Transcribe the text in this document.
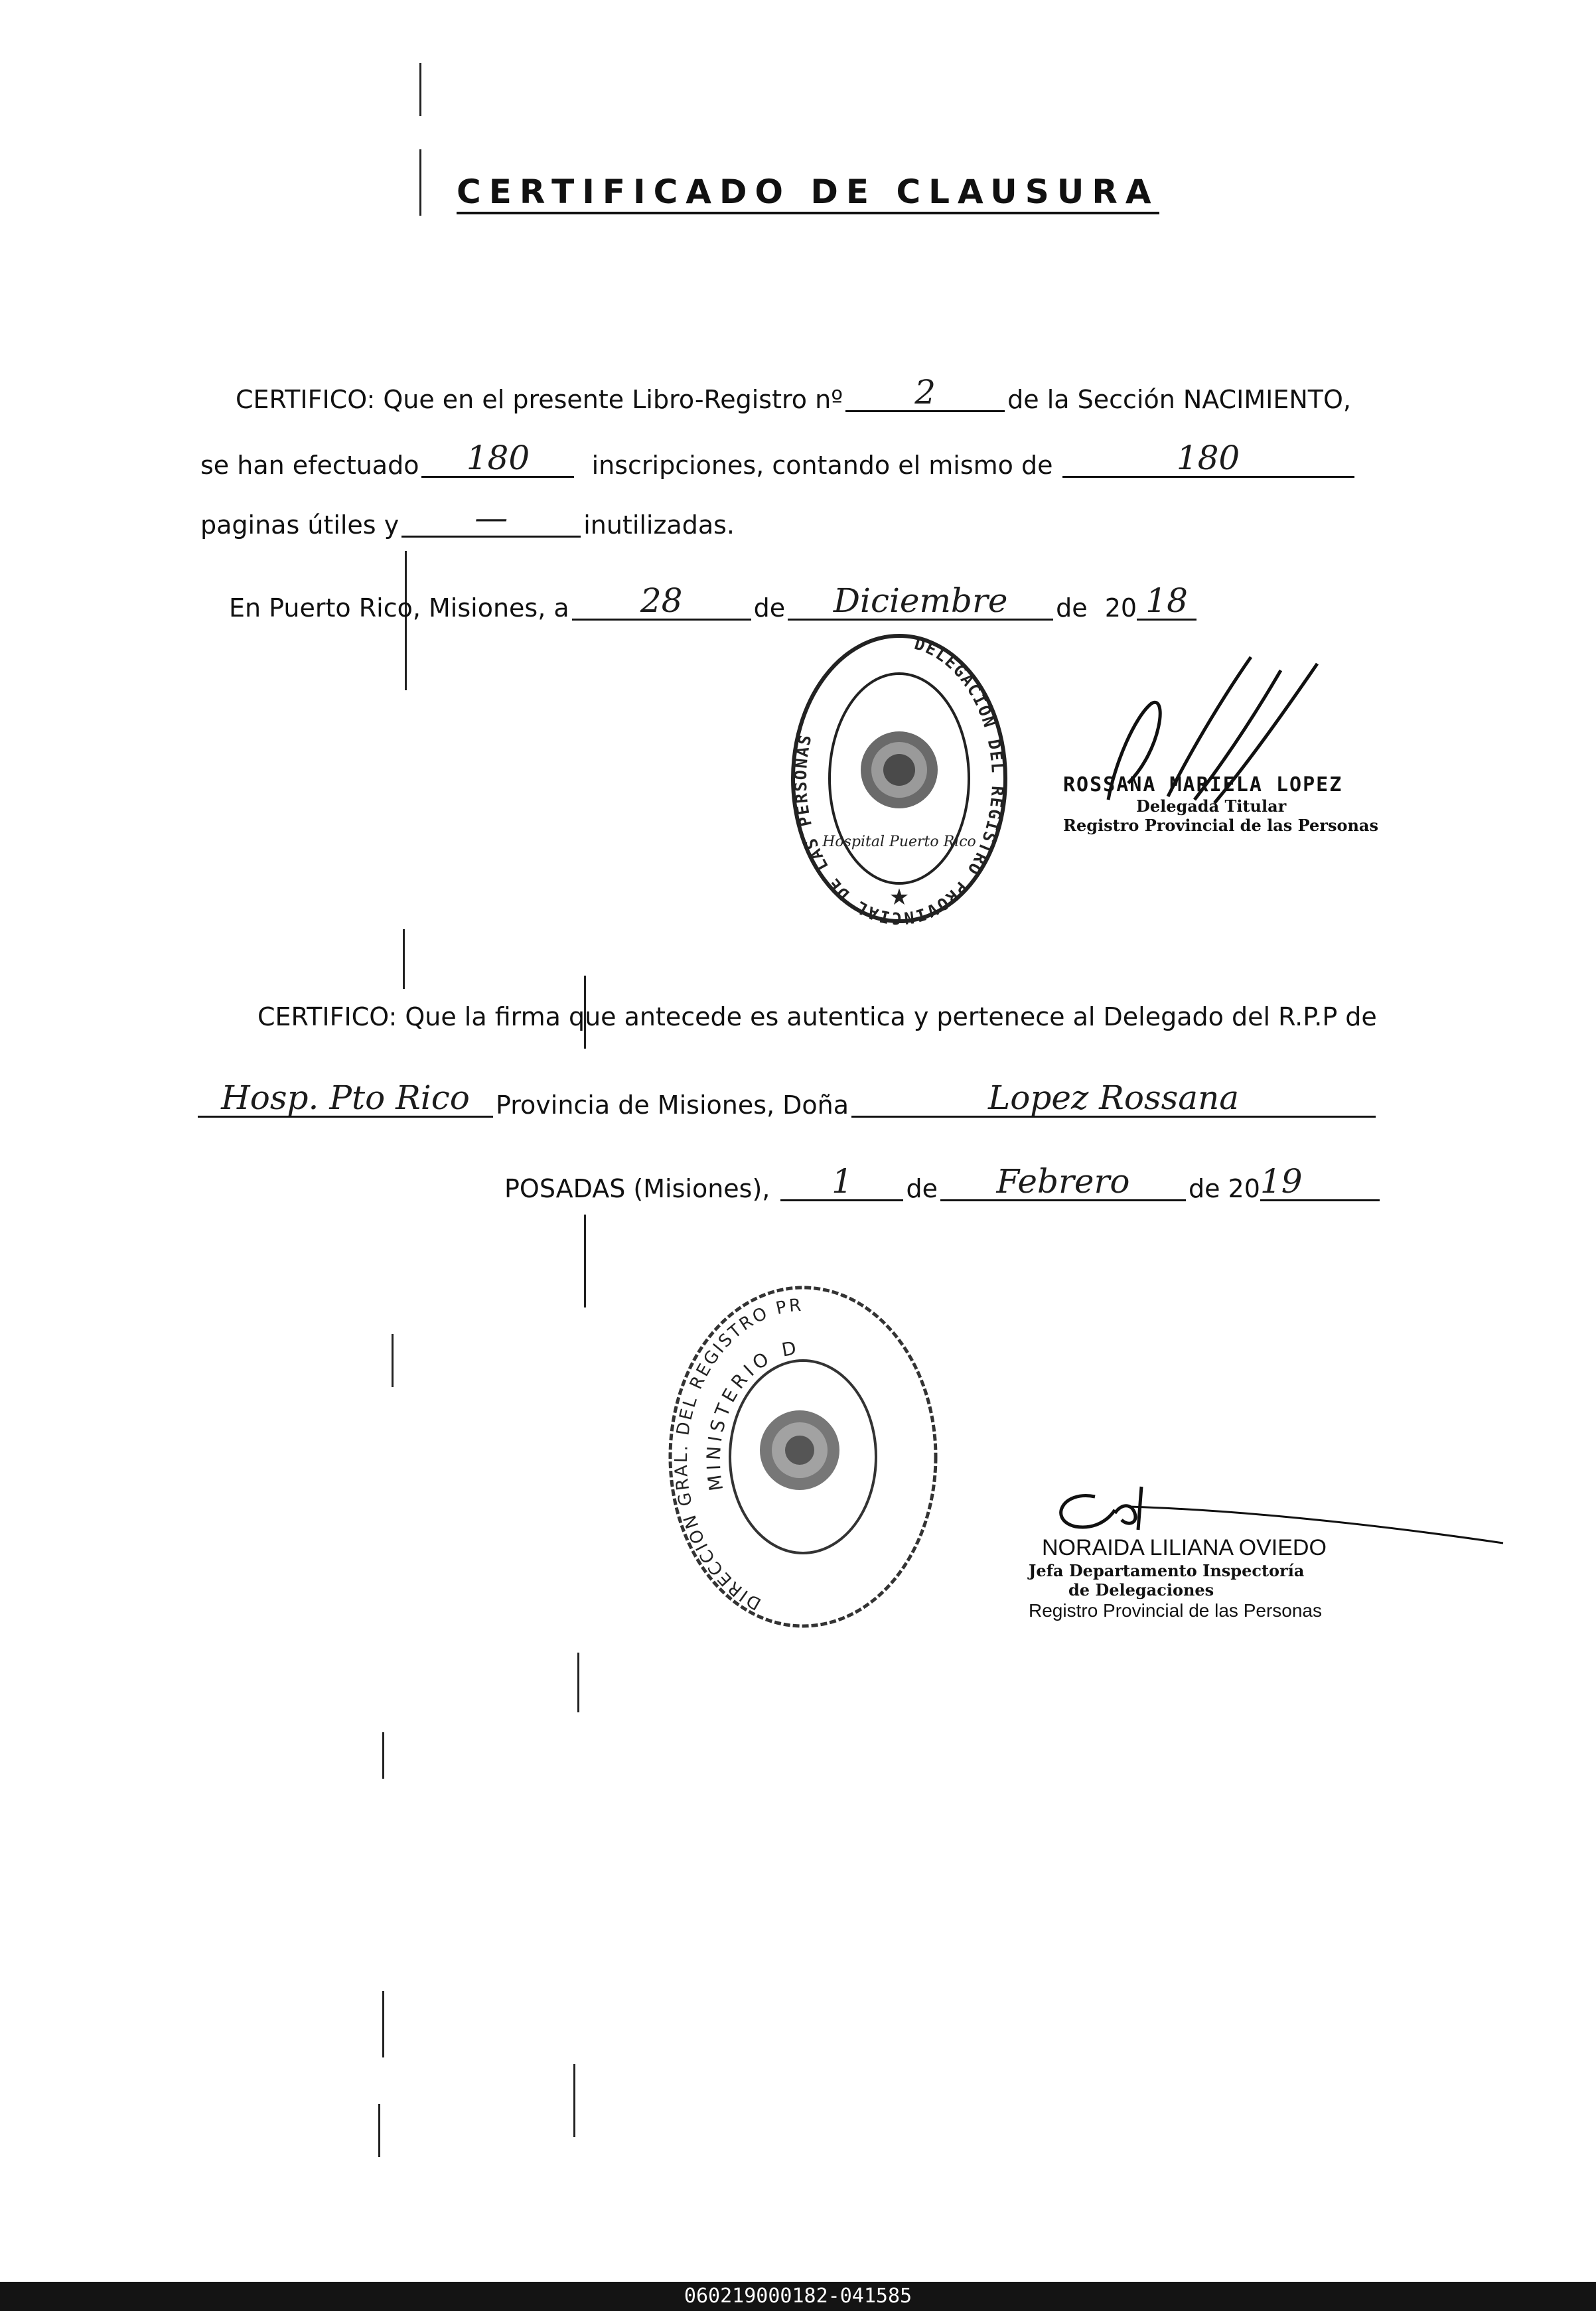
CERTIFICADO DE CLAUSURA
CERTIFICO: Que en el presente Libro-Registro nº	2	de la Sección NACIMIENTO,
se han efectuado	180	inscripciones, contando el mismo de	180
paginas útiles y	—	inutilizadas.
En Puerto Rico, Misiones, a	28	de	Diciembre	de 20 18
DELEGACION DEL REGISTRO PROVINCIAL DE LAS PERSONAS
Hospital Puerto Rico
★

ROSSANA MARIELA LOPEZ

Delegada Titular

Registro Provincial de las Personas

CERTIFICO: Que la firma que antecede es autentica y pertenece al Delegado del R.P.P de
Hosp. Pto Rico	Provincia de Misiones, Doña	Lopez Rossana
POSADAS (Misiones),	1	de	Febrero	de 20 19
DIRECCION GRAL. DEL REGISTRO PR
MINISTERIO D

NORAIDA LILIANA OVIEDO

Jefa Departamento Inspectoría

de Delegaciones

Registro Provincial de las Personas

060219000182-041585
